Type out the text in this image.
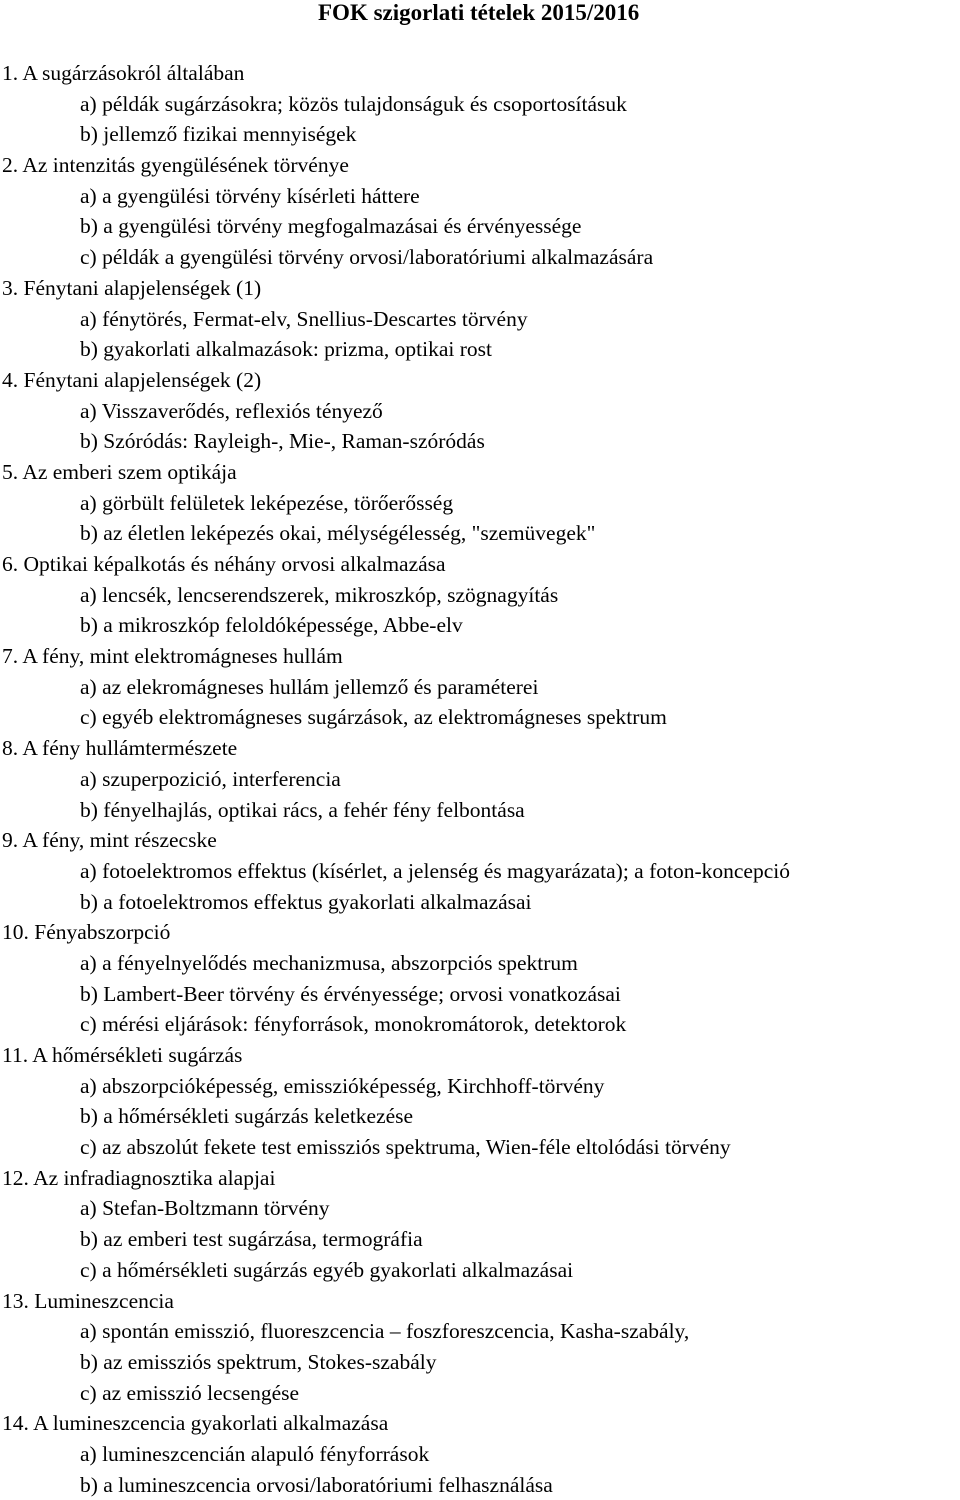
FOK szigorlati tételek 2015/2016
1. A sugárzásokról általában
a) példák sugárzásokra; közös tulajdonságuk és csoportosításuk
b) jellemző fizikai mennyiségek
2. Az intenzitás gyengülésének törvénye
a) a gyengülési törvény kísérleti háttere
b) a gyengülési törvény megfogalmazásai és érvényessége
c) példák a gyengülési törvény orvosi/laboratóriumi alkalmazására
3. Fénytani alapjelenségek (1)
a) fénytörés, Fermat-elv, Snellius-Descartes törvény
b) gyakorlati alkalmazások: prizma, optikai rost
4. Fénytani alapjelenségek (2)
a) Visszaverődés, reflexiós tényező
b) Szóródás: Rayleigh-, Mie-, Raman-szóródás
5. Az emberi szem optikája
a) görbült felületek leképezése, törőerősség
b) az életlen leképezés okai, mélységélesség, "szemüvegek"
6. Optikai képalkotás és néhány orvosi alkalmazása
a) lencsék, lencserendszerek, mikroszkóp, szögnagyítás
b) a mikroszkóp feloldóképessége, Abbe-elv
7. A fény, mint elektromágneses hullám
a) az elekromágneses hullám jellemző és paraméterei
c) egyéb elektromágneses sugárzások, az elektromágneses spektrum
8. A fény hullámtermészete
a) szuperpozició, interferencia
b) fényelhajlás, optikai rács, a fehér fény felbontása
9. A fény, mint részecske
a) fotoelektromos effektus (kísérlet, a jelenség és magyarázata); a foton-koncepció
b) a fotoelektromos effektus gyakorlati alkalmazásai
10. Fényabszorpció
a) a fényelnyelődés mechanizmusa, abszorpciós spektrum
b) Lambert-Beer törvény és érvényessége; orvosi vonatkozásai
c) mérési eljárások: fényforrások, monokromátorok, detektorok
11. A hőmérsékleti sugárzás
a) abszorpcióképesség, emisszióképesség, Kirchhoff-törvény
b) a hőmérsékleti sugárzás keletkezése
c) az abszolút fekete test emissziós spektruma, Wien-féle eltolódási törvény
12. Az infradiagnosztika alapjai
a) Stefan-Boltzmann törvény
b) az emberi test sugárzása, termográfia
c) a hőmérsékleti sugárzás egyéb gyakorlati alkalmazásai
13. Lumineszcencia
a) spontán emisszió, fluoreszcencia – foszforeszcencia, Kasha-szabály,
b) az emissziós spektrum, Stokes-szabály
c) az emisszió lecsengése
14. A lumineszcencia gyakorlati alkalmazása
a) lumineszcencián alapuló fényforrások
b) a lumineszcencia orvosi/laboratóriumi felhasználása
